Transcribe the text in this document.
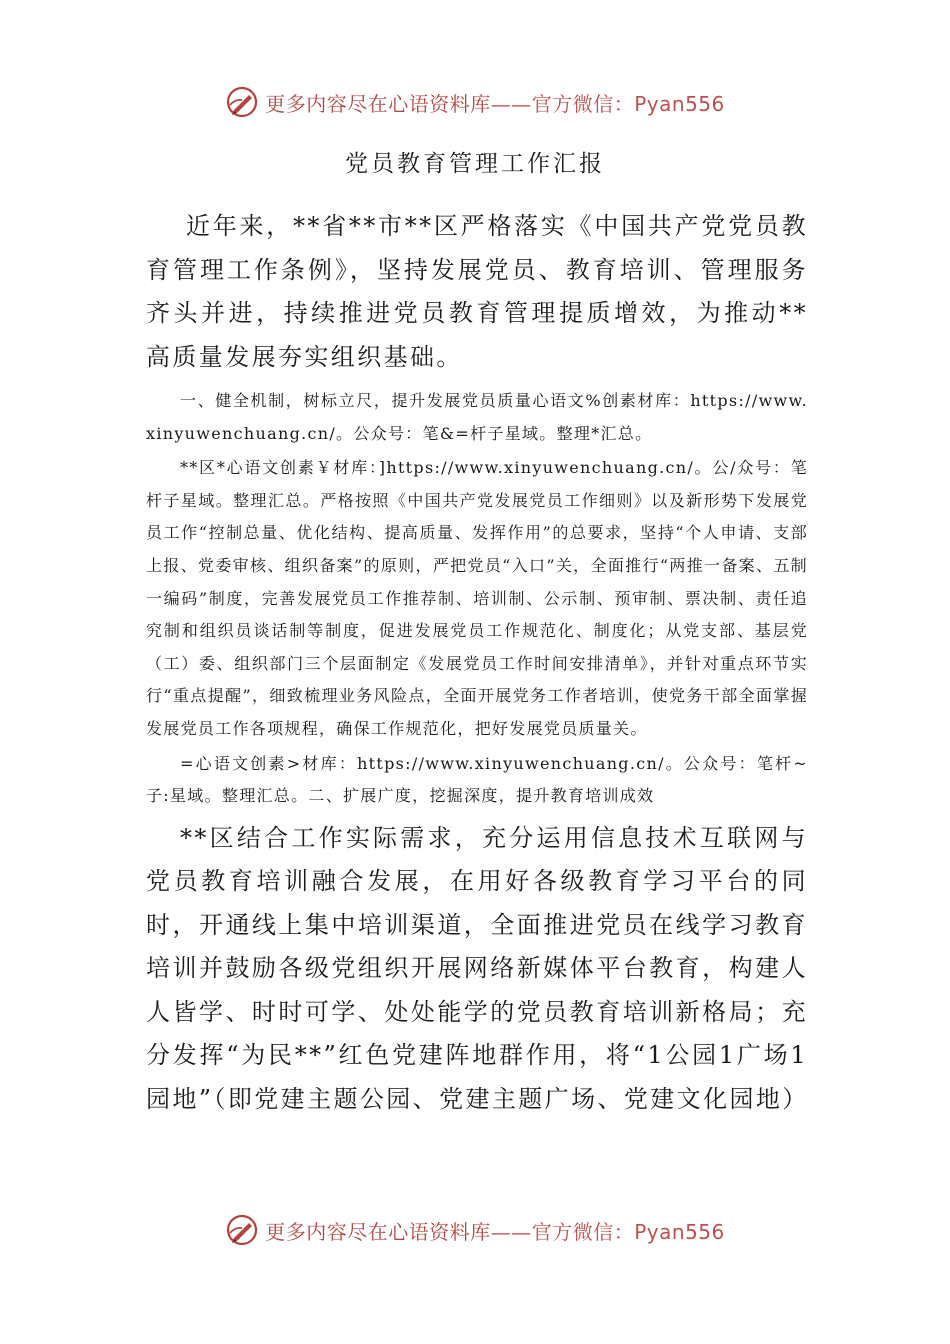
更多内容尽在心语资料库——官方微信：Pyan556
党员教育管理工作汇报

近年来，**省**市**区严格落实《中国共产党党员教育管理工作条例》，坚持发展党员、教育培训、管理服务齐头并进，持续推进党员教育管理提质增效，为推动**高质量发展夯实组织基础。

一、健全机制，树标立尺，提升发展党员质量心语文%创素材库：https://www.xinyuwenchuang.cn/。公众号：笔&=杆子星域。整理*汇总。

**区*心语文创素￥材库：]https://www.xinyuwenchuang.cn/。公/众号：笔杆子星域。整理汇总。严格按照《中国共产党发展党员工作细则》以及新形势下发展党员工作“控制总量、优化结构、提高质量、发挥作用”的总要求，坚持“个人申请、支部上报、党委审核、组织备案”的原则，严把党员“入口”关，全面推行“两推一备案、五制一编码”制度，完善发展党员工作推荐制、培训制、公示制、预审制、票决制、责任追究制和组织员谈话制等制度，促进发展党员工作规范化、制度化；从党支部、基层党（工）委、组织部门三个层面制定《发展党员工作时间安排清单》，并针对重点环节实行“重点提醒”，细致梳理业务风险点，全面开展党务工作者培训，使党务干部全面掌握发展党员工作各项规程，确保工作规范化，把好发展党员质量关。

=心语文创素>材库：https://www.xinyuwenchuang.cn/。公众号：笔杆~子:星域。整理汇总。二、扩展广度，挖掘深度，提升教育培训成效

**区结合工作实际需求，充分运用信息技术互联网与党员教育培训融合发展，在用好各级教育学习平台的同时，开通线上集中培训渠道，全面推进党员在线学习教育培训并鼓励各级党组织开展网络新媒体平台教育，构建人人皆学、时时可学、处处能学的党员教育培训新格局；充分发挥“为民**”红色党建阵地群作用，将“1公园1广场1园地”（即党建主题公园、党建主题广场、党建文化园地）

更多内容尽在心语资料库——官方微信：Pyan556
